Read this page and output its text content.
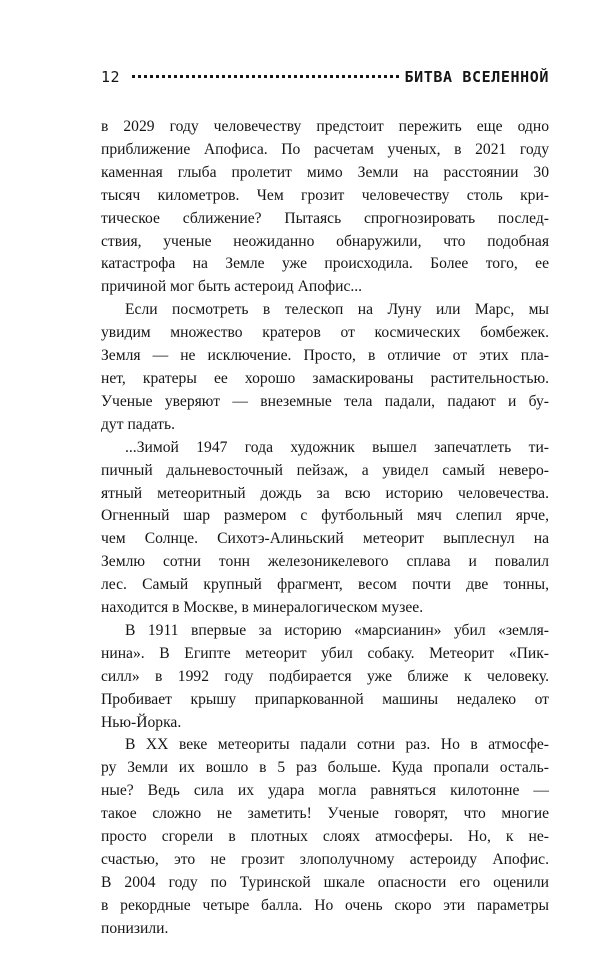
12	БИТВА ВСЕЛЕННОЙ

в 2029 году человечеству предстоит пережить еще одно
приближение Апофиса. По расчетам ученых, в 2021 году
каменная глыба пролетит мимо Земли на расстоянии 30
тысяч километров. Чем грозит человечеству столь кри-
тическое сближение? Пытаясь спрогнозировать послед-
ствия, ученые неожиданно обнаружили, что подобная
катастрофа на Земле уже происходила. Более того, ее
причиной мог быть астероид Апофис...

Если посмотреть в телескоп на Луну или Марс, мы
увидим множество кратеров от космических бомбежек.
Земля — не исключение. Просто, в отличие от этих пла-
нет, кратеры ее хорошо замаскированы растительностью.
Ученые уверяют — внеземные тела падали, падают и бу-
дут падать.

...Зимой 1947 года художник вышел запечатлеть ти-
пичный дальневосточный пейзаж, а увидел самый неверо-
ятный метеоритный дождь за всю историю человечества.
Огненный шар размером с футбольный мяч слепил ярче,
чем Солнце. Сихотэ-Алиньский метеорит выплеснул на
Землю сотни тонн железоникелевого сплава и повалил
лес. Самый крупный фрагмент, весом почти две тонны,
находится в Москве, в минералогическом музее.

В 1911 впервые за историю «марсианин» убил «земля-
нина». В Египте метеорит убил собаку. Метеорит «Пик-
силл» в 1992 году подбирается уже ближе к человеку.
Пробивает крышу припаркованной машины недалеко от
Нью-Йорка.

В XX веке метеориты падали сотни раз. Но в атмосфе-
ру Земли их вошло в 5 раз больше. Куда пропали осталь-
ные? Ведь сила их удара могла равняться килотонне —
такое сложно не заметить! Ученые говорят, что многие
просто сгорели в плотных слоях атмосферы. Но, к не-
счастью, это не грозит злополучному астероиду Апофис.
В 2004 году по Туринской шкале опасности его оценили
в рекордные четыре балла. Но очень скоро эти параметры
понизили.
